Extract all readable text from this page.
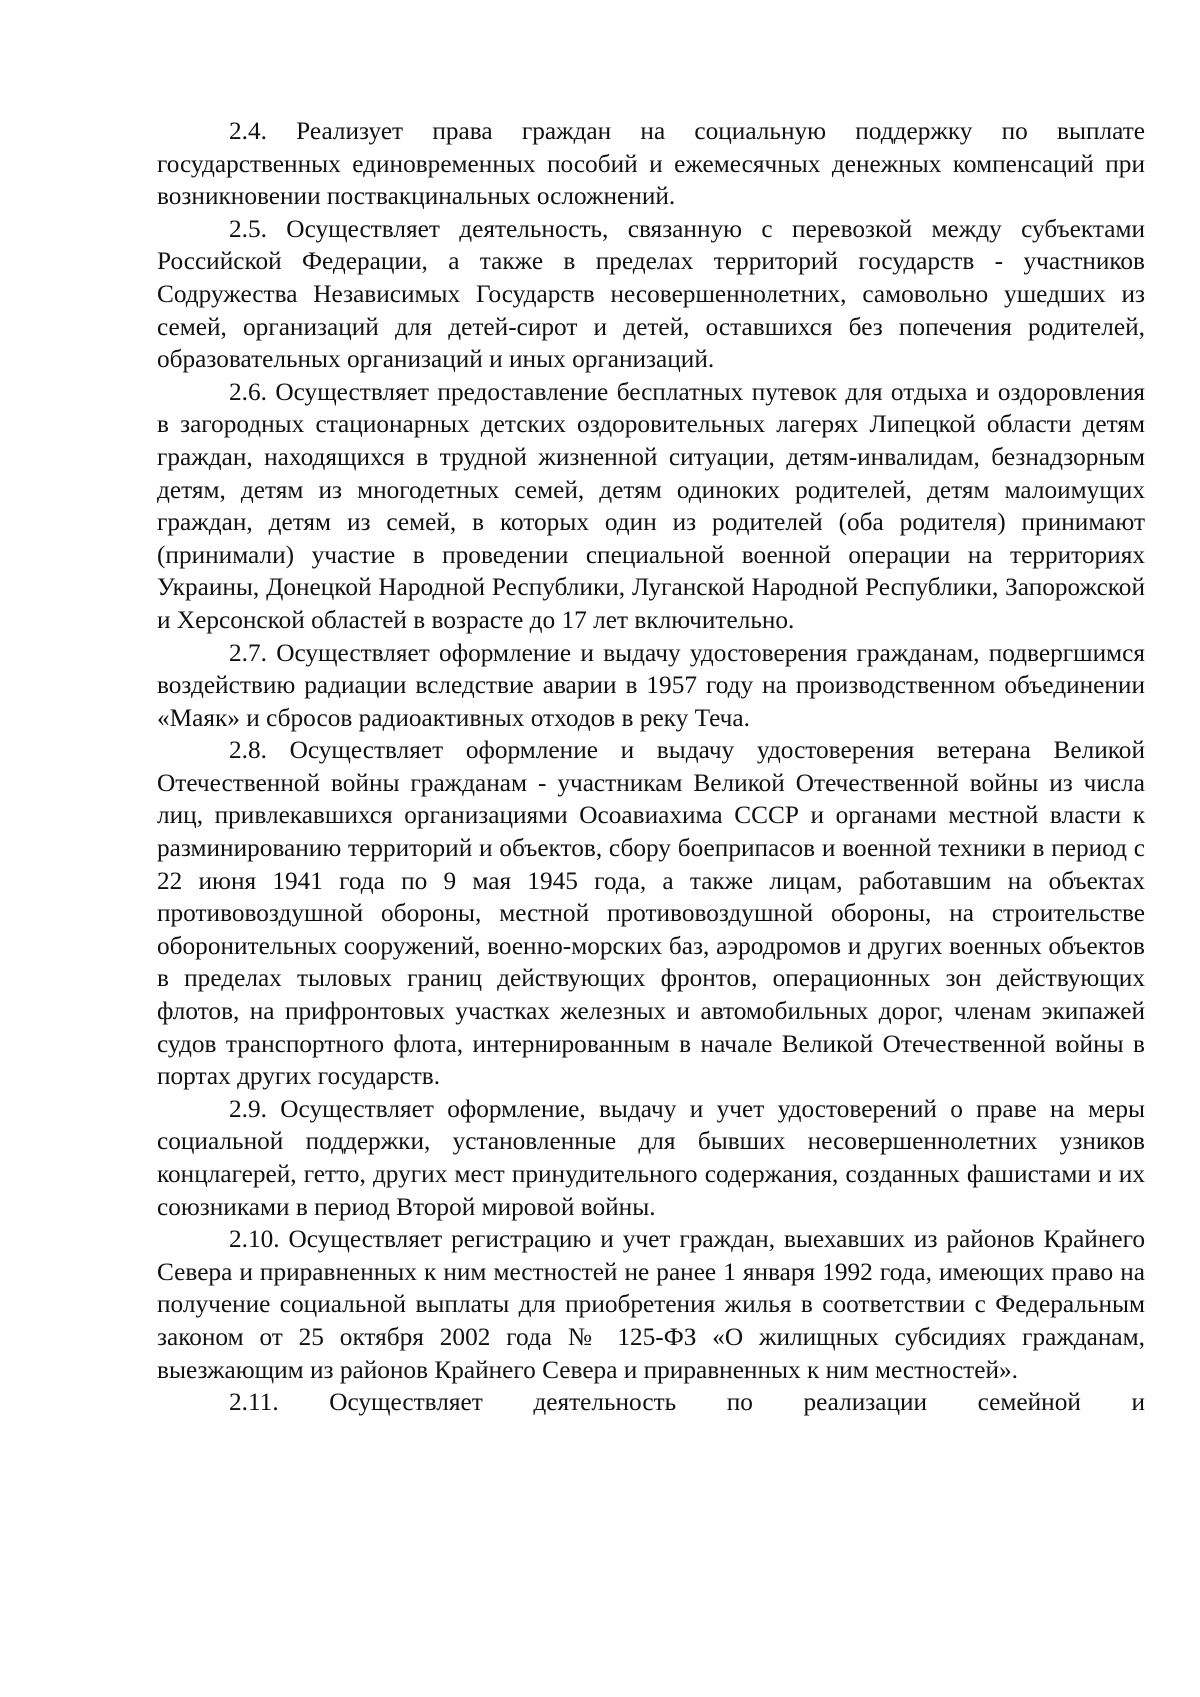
2.4. Реализует права граждан на социальную поддержку по выплате государственных единовременных пособий и ежемесячных денежных компенсаций при возникновении поствакцинальных осложнений.

2.5. Осуществляет деятельность, связанную с перевозкой между субъектами Российской Федерации, а также в пределах территорий государств - участников Содружества Независимых Государств несовершеннолетних, самовольно ушедших из семей, организаций для детей-сирот и детей, оставшихся без попечения родителей, образовательных организаций и иных организаций.

2.6. Осуществляет предоставление бесплатных путевок для отдыха и оздоровления в загородных стационарных детских оздоровительных лагерях Липецкой области детям граждан, находящихся в трудной жизненной ситуации, детям-инвалидам, безнадзорным детям, детям из многодетных семей, детям одиноких родителей, детям малоимущих граждан, детям из семей, в которых один из родителей (оба родителя) принимают (принимали) участие в проведении специальной военной операции на территориях Украины, Донецкой Народной Республики, Луганской Народной Республики, Запорожской и Херсонской областей в возрасте до 17 лет включительно.

2.7. Осуществляет оформление и выдачу удостоверения гражданам, подвергшимся воздействию радиации вследствие аварии в 1957 году на производственном объединении «Маяк» и сбросов радиоактивных отходов в реку Теча.

2.8. Осуществляет оформление и выдачу удостоверения ветерана Великой Отечественной войны гражданам - участникам Великой Отечественной войны из числа лиц, привлекавшихся организациями Осоавиахима СССР и органами местной власти к разминированию территорий и объектов, сбору боеприпасов и военной техники в период с 22 июня 1941 года по 9 мая 1945 года, а также лицам, работавшим на объектах противовоздушной обороны, местной противовоздушной обороны, на строительстве оборонительных сооружений, военно-морских баз, аэродромов и других военных объектов в пределах тыловых границ действующих фронтов, операционных зон действующих флотов, на прифронтовых участках железных и автомобильных дорог, членам экипажей судов транспортного флота, интернированным в начале Великой Отечественной войны в портах других государств.

2.9. Осуществляет оформление, выдачу и учет удостоверений о праве на меры социальной поддержки, установленные для бывших несовершеннолетних узников концлагерей, гетто, других мест принудительного содержания, созданных фашистами и их союзниками в период Второй мировой войны.

2.10. Осуществляет регистрацию и учет граждан, выехавших из районов Крайнего Севера и приравненных к ним местностей не ранее 1 января 1992 года, имеющих право на получение социальной выплаты для приобретения жилья в соответствии с Федеральным законом от 25 октября 2002 года № 125-ФЗ «О жилищных субсидиях гражданам, выезжающим из районов Крайнего Севера и приравненных к ним местностей».

2.11. Осуществляет деятельность по реализации семейной и
